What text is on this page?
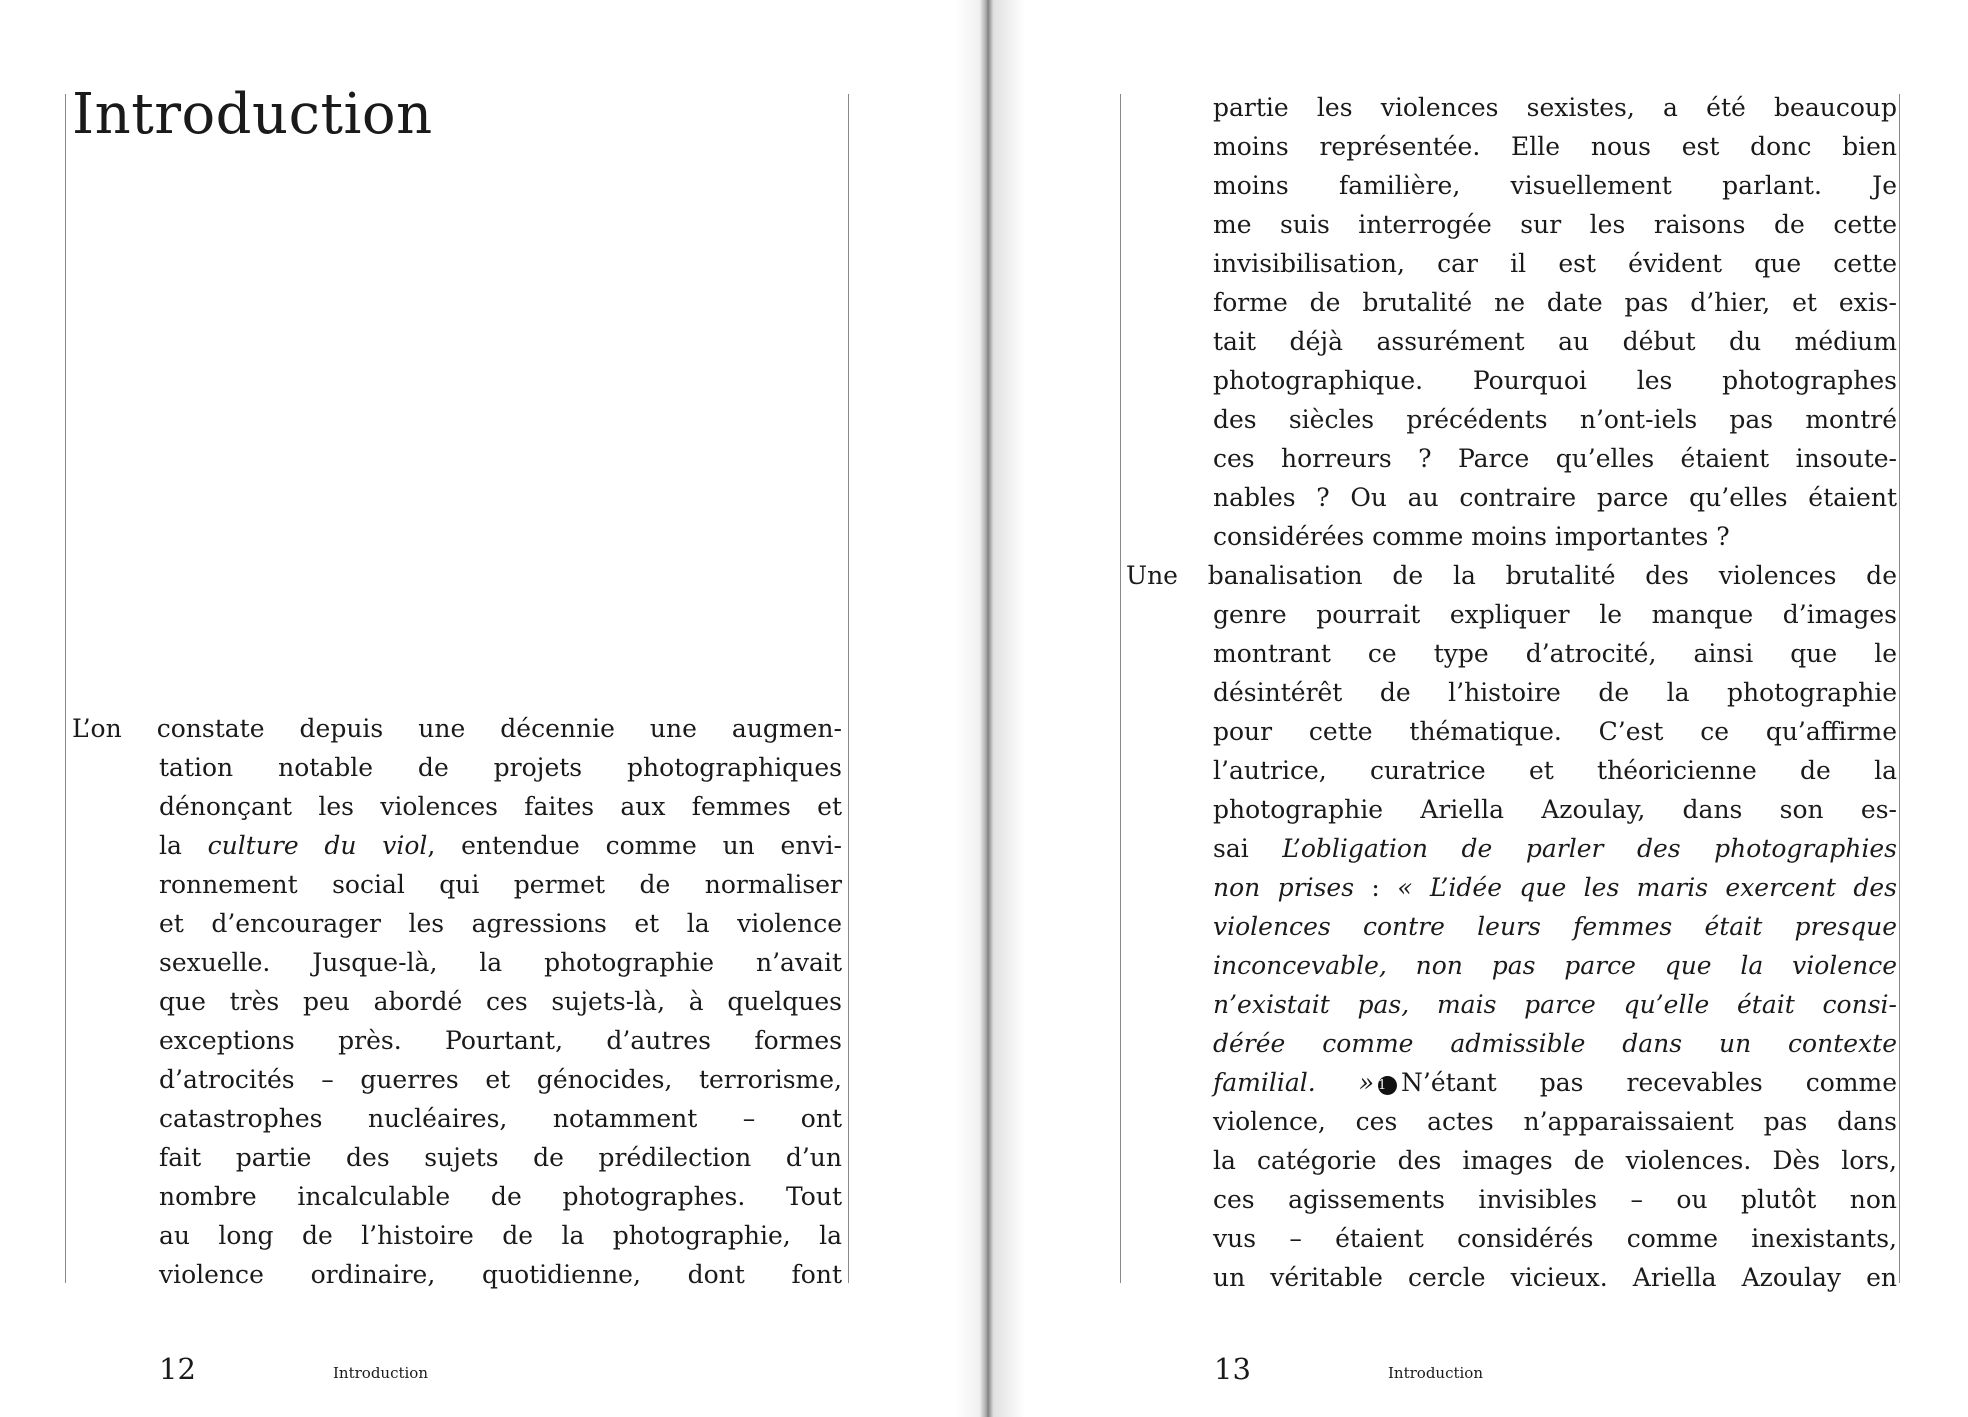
Introduction
L’on constate depuis une décennie une augmen-
tation notable de projets photographiques
dénonçant les violences faites aux femmes et
la culture du viol, entendue comme un envi-
ronnement social qui permet de normaliser
et d’encourager les agressions et la violence
sexuelle. Jusque-là, la photographie n’avait
que très peu abordé ces sujets-là, à quelques
exceptions près. Pourtant, d’autres formes
d’atrocités – guerres et génocides, terrorisme,
catastrophes nucléaires, notamment – ont
fait partie des sujets de prédilection d’un
nombre incalculable de photographes. Tout
au long de l’histoire de la photographie, la
violence ordinaire, quotidienne, dont font
12	Introduction
partie les violences sexistes, a été beaucoup
moins représentée. Elle nous est donc bien
moins familière, visuellement parlant. Je
me suis interrogée sur les raisons de cette
invisibilisation, car il est évident que cette
forme de brutalité ne date pas d’hier, et exis-
tait déjà assurément au début du médium
photographique. Pourquoi les photographes
des siècles précédents n’ont-iels pas montré
ces horreurs ? Parce qu’elles étaient insoute-
nables ? Ou au contraire parce qu’elles étaient
considérées comme moins importantes ?
Une banalisation de la brutalité des violences de
genre pourrait expliquer le manque d’images
montrant ce type d’atrocité, ainsi que le
désintérêt de l’histoire de la photographie
pour cette thématique. C’est ce qu’affirme
l’autrice, curatrice et théoricienne de la
photographie Ariella Azoulay, dans son es-
sai L’obligation de parler des photographies
non prises : « L’idée que les maris exercent des
violences contre leurs femmes était presque
inconcevable, non pas parce que la violence
n’existait pas, mais parce qu’elle était consi-
dérée comme admissible dans un contexte
familial. » 1 N’étant pas recevables comme
violence, ces actes n’apparaissaient pas dans
la catégorie des images de violences. Dès lors,
ces agissements invisibles – ou plutôt non
vus – étaient considérés comme inexistants,
un véritable cercle vicieux. Ariella Azoulay en
13	Introduction
